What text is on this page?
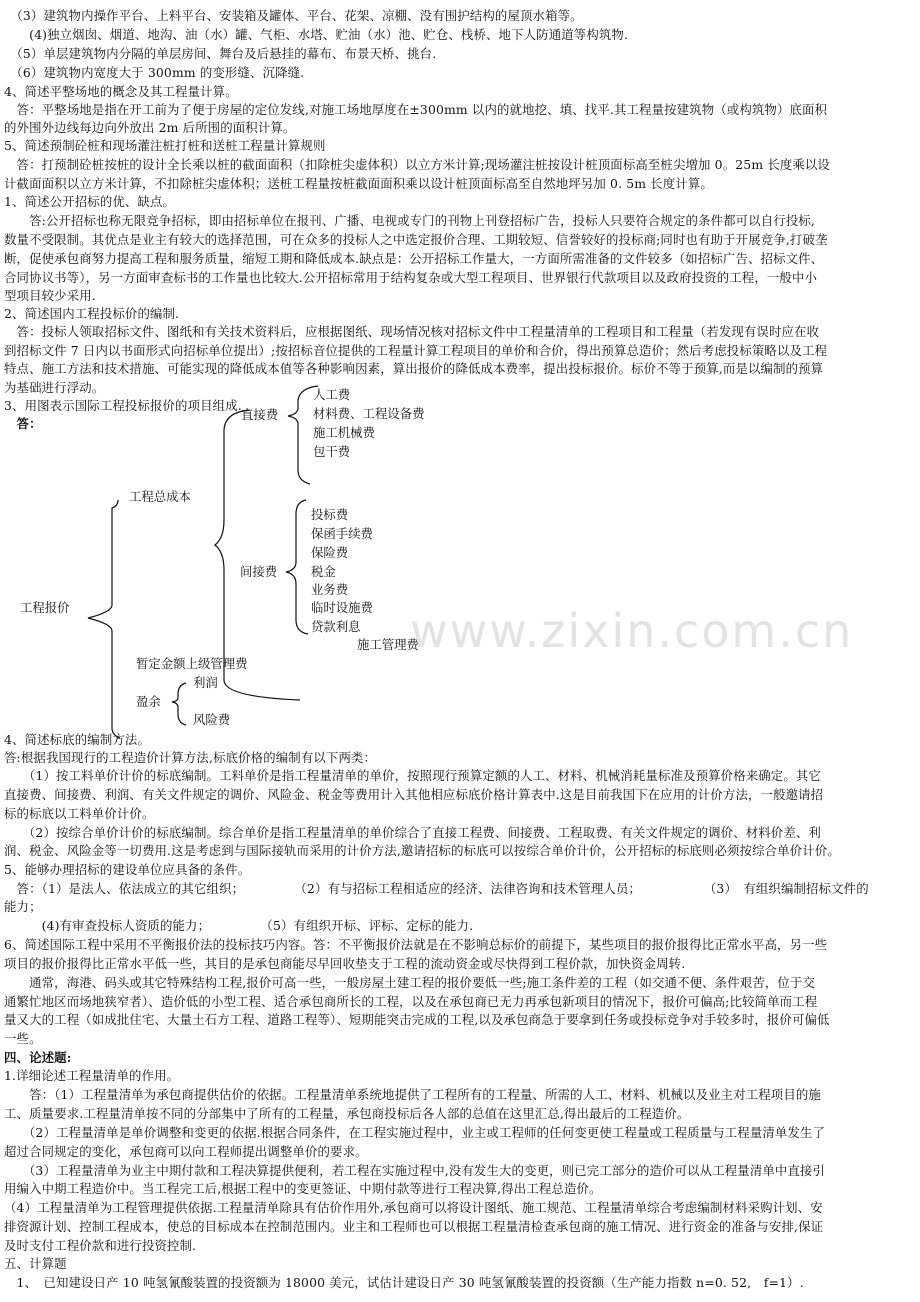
　（3）建筑物内操作平台、上料平台、安装箱及罐体、平台、花架、凉棚、没有围护结构的屋顶水箱等。
　　(4)独立烟囱、烟道、地沟、油（水）罐、气柜、水塔、贮油（水）池、贮仓、栈桥、地下人防通道等构筑物.
　（5）单层建筑物内分隔的单层房间、舞台及后悬挂的幕布、布景天桥、挑台.
　（6）建筑物内宽度大于 300mm 的变形缝、沉降缝.
4、简述平整场地的概念及其工程量计算。
　答：平整场地是指在开工前为了便于房屋的定位发线,对施工场地厚度在±300mm 以内的就地挖、填、找平.其工程量按建筑物（或构筑物）底面积
的外围外边线每边向外放出 2m 后所围的面积计算。
5、简述预制砼桩和现场灌注桩打桩和送桩工程量计算规则
　答：打预制砼桩按桩的设计全长乘以桩的截面面积（扣除桩尖虚体积）以立方米计算;现场灌注桩按设计桩顶面标高至桩尖增加 0。25m 长度乘以设
计截面面积以立方米计算，不扣除桩尖虚体积；送桩工程量按桩截面面积乘以设计桩顶面标高至自然地坪另加 0. 5m 长度计算。
1、简述公开招标的优、缺点。
　　答:公开招标也称无限竞争招标，即由招标单位在报刊、广播、电视或专门的刊物上刊登招标广告，投标人只要符合规定的条件都可以自行投标,
数量不受限制。其优点是业主有较大的选择范围，可在众多的投标人之中选定报价合理、工期较短、信誉较好的投标商;同时也有助于开展竞争,打破垄
断，促使承包商努力提高工程和服务质量，缩短工期和降低成本.缺点是：公开招标工作量大，一方面所需准备的文件较多（如招标广告、招标文件、
合同协议书等），另一方面审查标书的工作量也比较大.公开招标常用于结构复杂或大型工程项目、世界银行代款项目以及政府投资的工程，一般中小
型项目较少采用.
2、简述国内工程投标价的编制.
　答：投标人领取招标文件、图纸和有关技术资料后，应根据图纸、现场情况核对招标文件中工程量清单的工程项目和工程量（若发现有误时应在收
到招标文件 7 日内以书面形式向招标单位提出）;按招标音位提供的工程量计算工程项目的单价和合价，得出预算总造价；然后考虑投标策略以及工程
特点、施工方法和技术措施、可能实现的降低成本值等各种影响因素，算出报价的降低成本费率，提出投标报价。标价不等于预算,而是以编制的预算
为基础进行浮动。
3、用图表示国际工程投标报价的项目组成.
　答：
工程报价
工程总成本
直接费
人工费
材料费、工程设备费
施工机械费
包干费
间接费
投标费
保函手续费
保险费
税金
业务费
临时设施费
贷款利息
施工管理费
暂定金额上级管理费
利润
盈余
风险费
www.zixin.com.cn
4、简述标底的编制方法。
答:根据我国现行的工程造价计算方法,标底价格的编制有以下两类：
　　（1）按工料单价计价的标底编制。工料单价是指工程量清单的单价，按照现行预算定额的人工、材料、机械消耗量标准及预算价格来确定。其它
直接费、间接费、利润、有关文件规定的调价、风险金、税金等费用计入其他相应标底价格计算表中.这是目前我国下在应用的计价方法，一般邀请招
标的标底以工料单价计价。
　　（2）按综合单价计价的标底编制。综合单价是指工程量清单的单价综合了直接工程费、间接费、工程取费、有关文件规定的调价、材料价差、利
润、税金、风险金等一切费用.这是考虑到与国际接轨而采用的计价方法,邀请招标的标底可以按综合单价计价，公开招标的标底则必须按综合单价计价。
5、能够办理招标的建设单位应具备的条件。
　答：（1）是法人、依法成立的其它组织；　　　　　（2）有与招标工程相适应的经济、法律咨询和技术管理人员；　　　　　　（3）　有组织编制招标文件的
能力；
　　　(4)有审查投标人资质的能力；　　　　　（5）有组织开标、评标、定标的能力.
6、简述国际工程中采用不平衡报价法的投标技巧内容。答：不平衡报价法就是在不影响总标价的前提下，某些项目的报价报得比正常水平高，另一些
项目的报价报得比正常水平低一些，其目的是承包商能尽早回收垫支于工程的流动资金或尽快得到工程价款，加快资金周转.
　　通常，海港、码头或其它特殊结构工程,报价可高一些，一般房屋土建工程的报价要低一些;施工条件差的工程（如交通不便、条件艰苦，位于交
通繁忙地区而场地狭窄者）、造价低的小型工程、适合承包商所长的工程，以及在承包商已无力再承包新项目的情况下，报价可偏高;比较简单而工程
量又大的工程（如成批住宅、大量土石方工程、道路工程等）、短期能突击完成的工程,以及承包商急于要拿到任务或投标竞争对手较多时，报价可偏低
一些。
四、论述题:
1.详细论述工程量清单的作用。
　　答：（1）工程量清单为承包商提供估价的依据。工程量清单系统地提供了工程所有的工程量、所需的人工、材料、机械以及业主对工程项目的施
工、质量要求.工程量清单按不同的分部集中了所有的工程量，承包商投标后各人部的总值在这里汇总,得出最后的工程造价。
　　（2）工程量清单是单价调整和变更的依据.根据合同条件，在工程实施过程中，业主或工程师的任何变更使工程量或工程质量与工程量清单发生了
超过合同规定的变化，承包商可以向工程师提出调整单价的要求。
　　（3）工程量清单为业主中期付款和工程决算提供便利，若工程在实施过程中,没有发生大的变更，则已完工部分的造价可以从工程量清单中直接引
用编入中期工程造价中。当工程完工后,根据工程中的变更签证、中期付款等进行工程决算,得出工程总造价。
（4）工程量清单为工程管理提供依据.工程量清单除具有估价作用外,承包商可以将设计图纸、施工规范、工程量清单综合考虑编制材料采购计划、安
排资源计划、控制工程成本，使总的目标成本在控制范围内。业主和工程师也可以根据工程量清检查承包商的施工情况、进行资金的准备与安排,保证
及时支付工程价款和进行投资控制.
五、计算题
　1、　已知建设日产 10 吨氢氰酸装置的投资额为 18000 美元，试估计建设日产 30 吨氢氰酸装置的投资额（生产能力指数 n=0. 52,　f=1）.
